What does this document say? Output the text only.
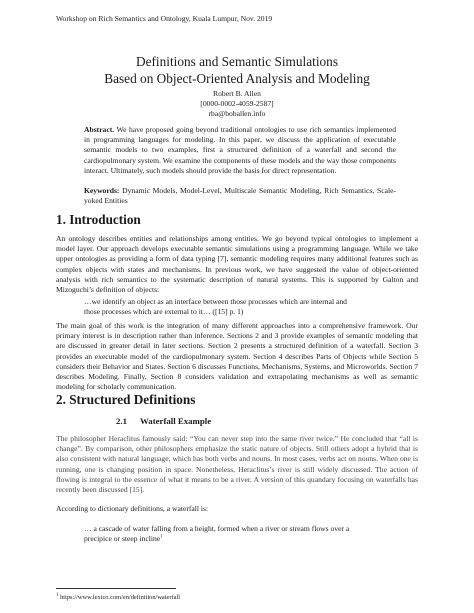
Workshop on Rich Semantics and Ontology, Kuala Lumpur, Nov. 2019
Definitions and Semantic Simulations
Based on Object-Oriented Analysis and Modeling
Robert B. Allen
[0000-0002-4059-2587]
rba@boballen.info
Abstract. We have proposed going beyond traditional ontologies to use rich semantics implemented in programming languages for modeling. In this paper, we discuss the application of executable semantic models to two examples, first a structured definition of a waterfall and second the cardiopulmonary system. We examine the components of these models and the way those components interact. Ultimately, such models should provide the basis for direct representation.
Keywords: Dynamic Models, Model-Level, Multiscale Semantic Modeling, Rich Semantics, Scale-yoked Entities
1. Introduction
An ontology describes entities and relationships among entities. We go beyond typical ontologies to implement a model layer. Our approach develops executable semantic simulations using a programming language. While we take upper ontologies as providing a form of data typing [7], semantic modeling requires many additional features such as complex objects with states and mechanisms. In previous work, we have suggested the value of object-oriented analysis with rich semantics to the systematic description of natural systems. This is supported by Galton and Mizoguchi’s definition of objects:
…we identify an object as an interface between those processes which are internal and
those processes which are external to it… ([15] p. 1)
The main goal of this work is the integration of many different approaches into a comprehensive framework. Our primary interest is in description rather than inference. Sections 2 and 3 provide examples of semantic modeling that are discussed in greater detail in later sections. Section 2 presents a structured definition of a waterfall. Section 3 provides an executable model of the cardiopulmonary system. Section 4 describes Parts of Objects while Section 5 considers their Behavior and States. Section 6 discusses Functions, Mechanisms, Systems, and Microworlds. Section 7 describes Modeling. Finally, Section 8 considers validation and extrapolating mechanisms as well as semantic modeling for scholarly communication.
2. Structured Definitions
2.1 Waterfall Example
The philosopher Heraclitus famously said: “You can never step into the same river twice.” He concluded that “all is change”. By comparison, other philosophers emphasize the static nature of objects. Still others adopt a hybrid that is also consistent with natural language, which has both verbs and nouns. In most cases, verbs act on nouns. When one is running, one is changing position in space. Nonetheless, Heraclitus’s river is still widely discussed. The action of flowing is integral to the essence of what it means to be a river. A version of this quandary focusing on waterfalls has recently been discussed [15].
According to dictionary definitions, a waterfall is:
… a cascade of water falling from a height, formed when a river or stream flows over a
precipice or steep incline$^1$
$^1$ https://www.lexico.com/en/definition/waterfall
